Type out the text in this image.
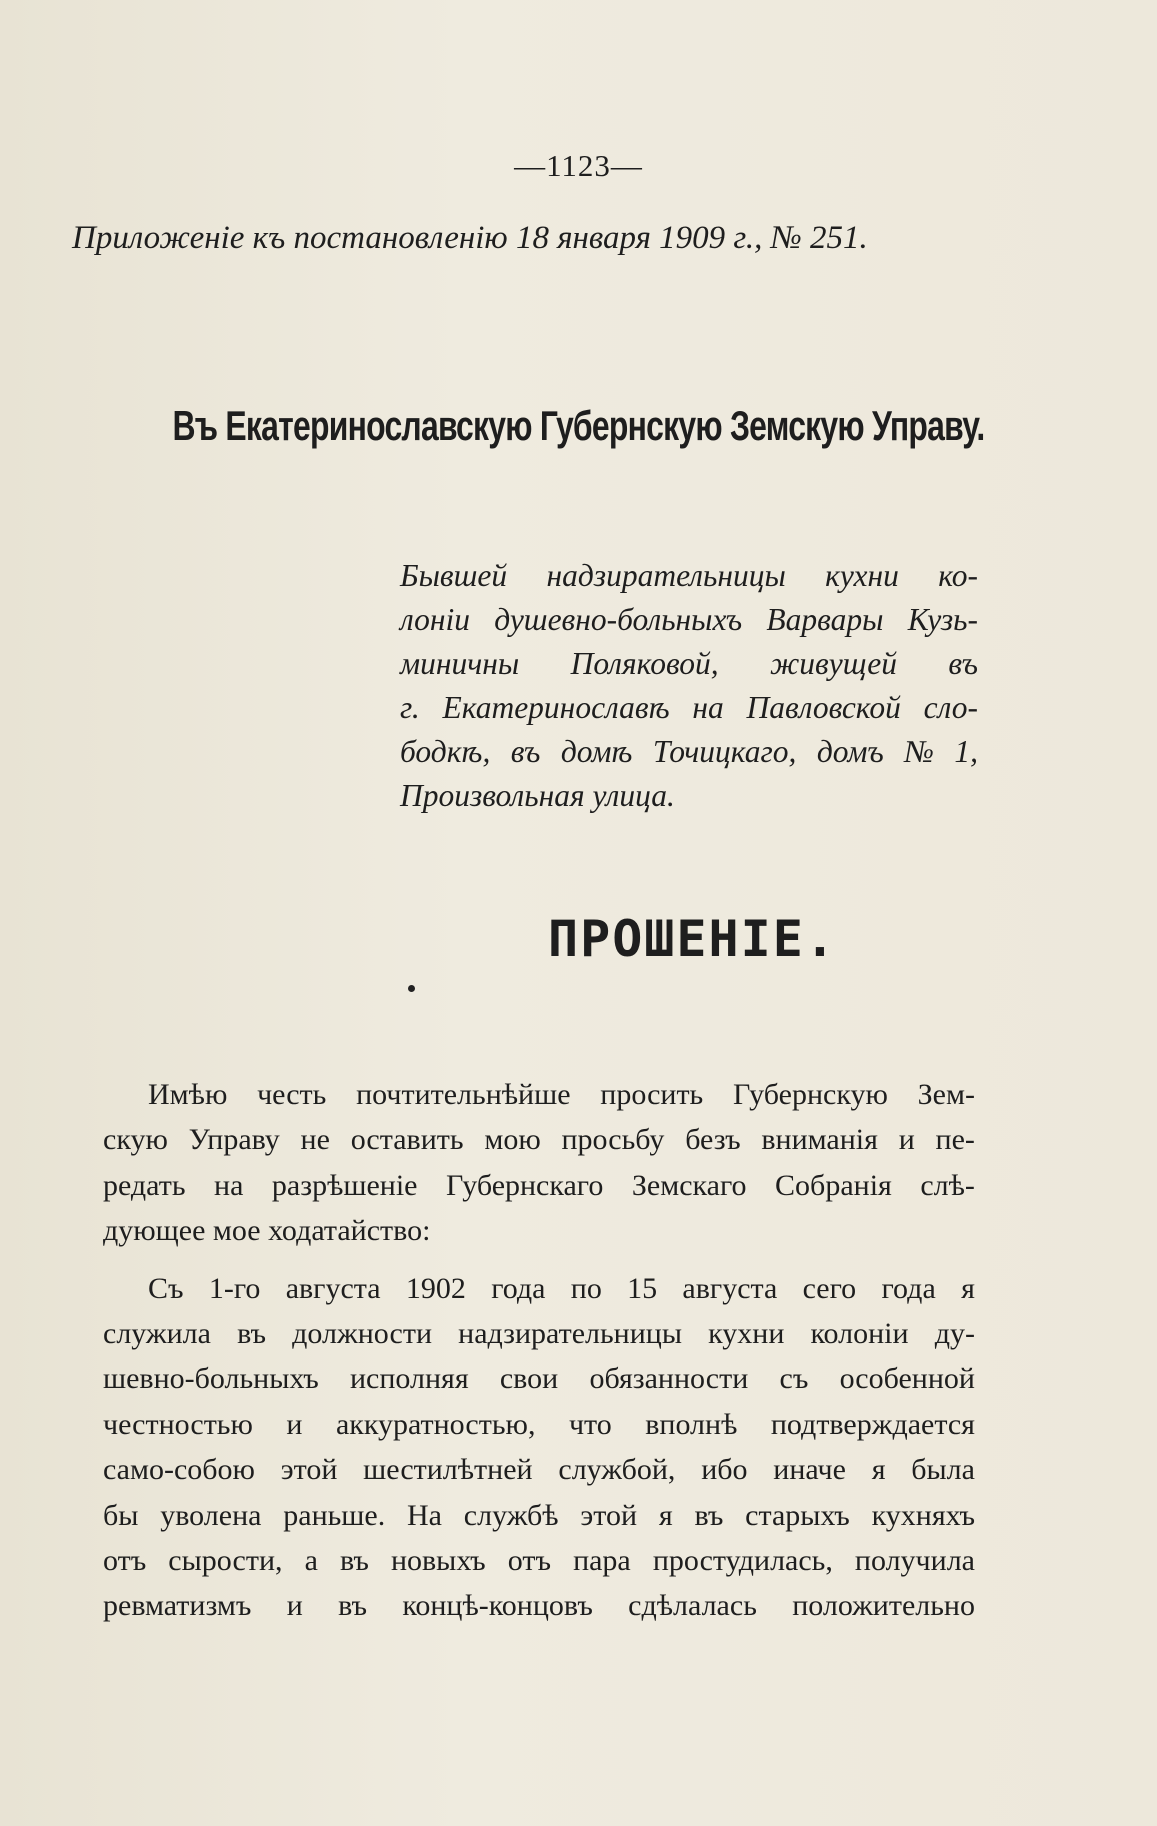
—1123—
Приложеніе къ постановленію 18 января 1909 г., № 251.
Въ Екатеринославскую Губернскую Земскую Управу.
Бывшей надзирательницы кухни ко-
лоніи душевно-больныхъ Варвары Кузь-
миничны Поляковой, живущей въ
г. Екатеринославѣ на Павловской сло-
бодкѣ, въ домѣ Точицкаго, домъ № 1,
Произвольная улица.
ПРОШЕНІЕ.
Имѣю честь почтительнѣйше просить Губернскую Зем-
скую Управу не оставить мою просьбу безъ вниманія и пе-
редать на разрѣшеніе Губернскаго Земскаго Собранія слѣ-
дующее мое ходатайство:
Съ 1-го августа 1902 года по 15 августа сего года я
служила въ должности надзирательницы кухни колоніи ду-
шевно-больныхъ исполняя свои обязанности съ особенной
честностью и аккуратностью, что вполнѣ подтверждается
само-собою этой шестилѣтней службой, ибо иначе я была
бы уволена раньше. На службѣ этой я въ старыхъ кухняхъ
отъ сырости, а въ новыхъ отъ пара простудилась, получила
ревматизмъ и въ концѣ-концовъ сдѣлалась положительно
